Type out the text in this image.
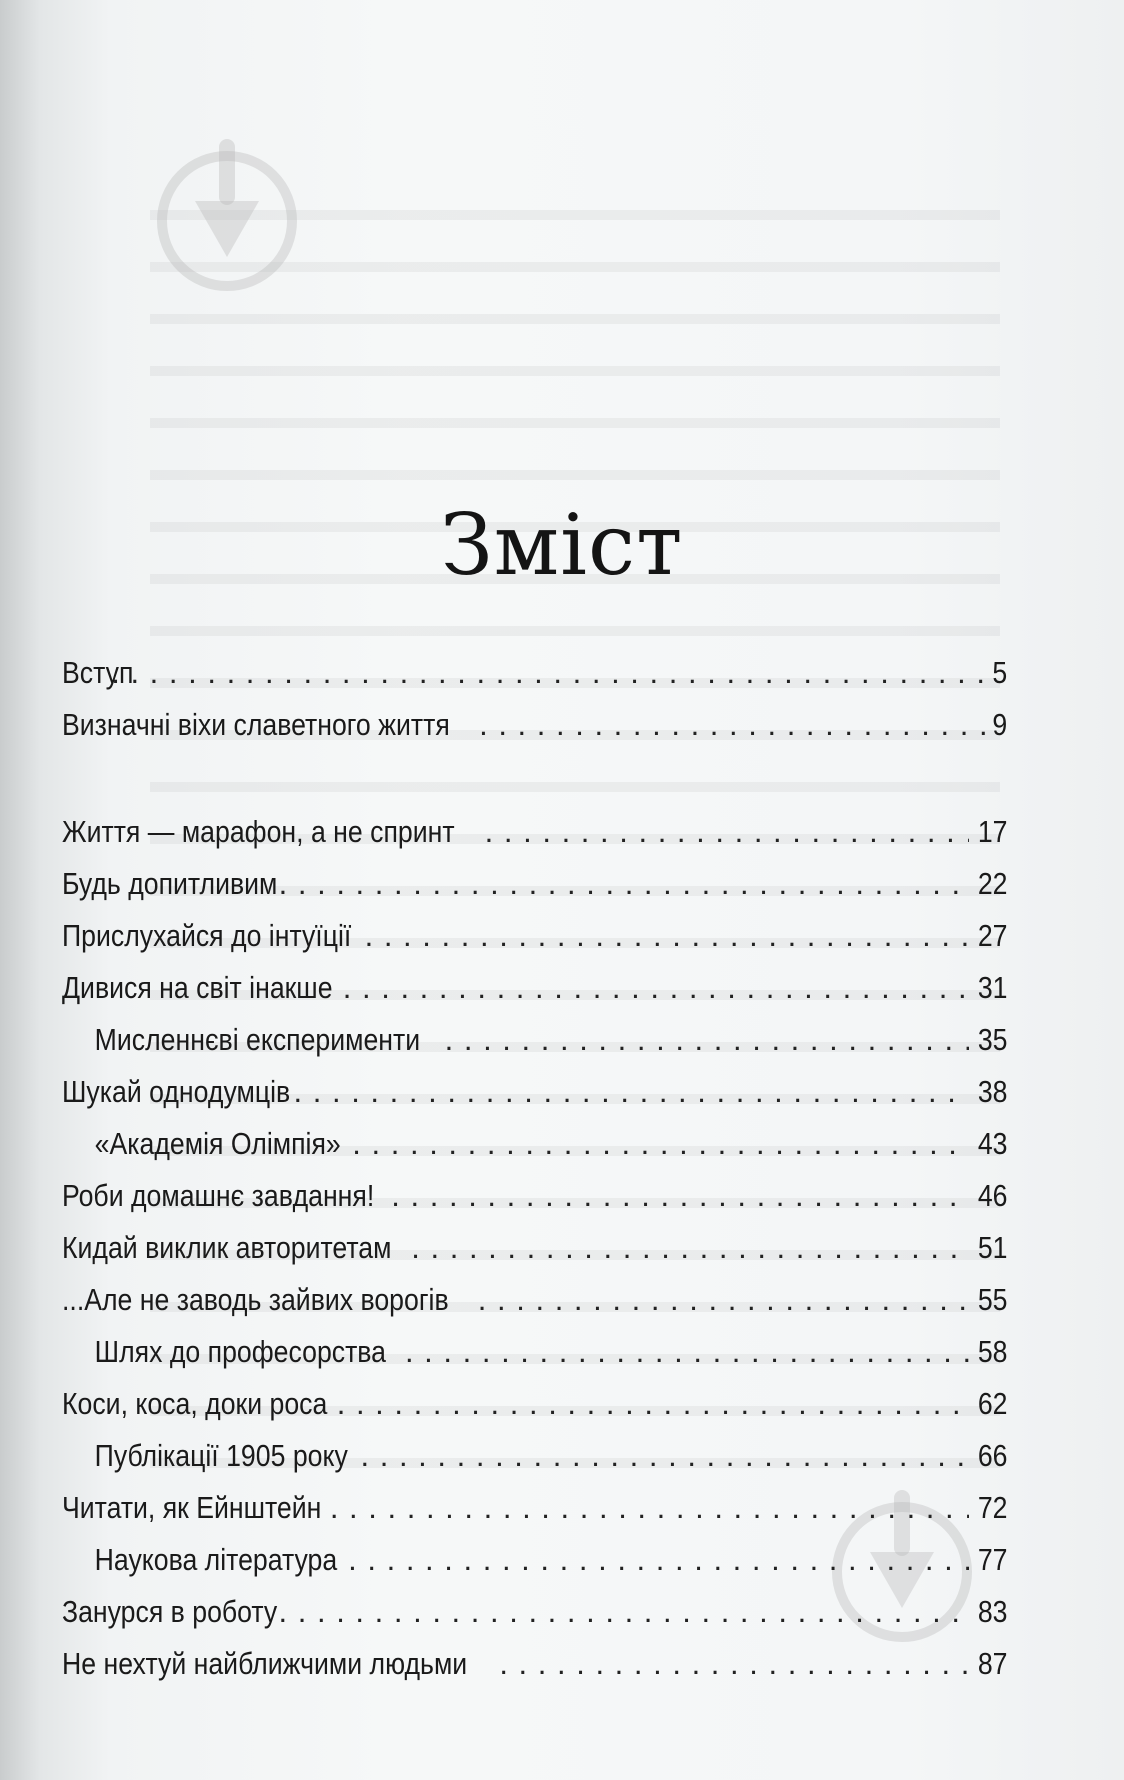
Зміст
Вступ . . .	5
Визначні віхи славетного життя . . .	9
Життя — марафон, а не спринт . . .	17
Будь допитливим . . .	22
Прислухайся до інтуїції . . .	27
Дивися на світ інакше . . .	31
Мисленнєві експерименти . . .	35
Шукай однодумців . . .	38
«Академія Олімпія» . . .	43
Роби домашнє завдання! . . .	46
Кидай виклик авторитетам . . .	51
...Але не заводь зайвих ворогів . . .	55
Шлях до професорства . . .	58
Коси, коса, доки роса . . .	62
Публікації 1905 року . . .	66
Читати, як Ейнштейн . . .	72
Наукова література . . .	77
Занурся в роботу . . .	83
Не нехтуй найближчими людьми . . .	87
